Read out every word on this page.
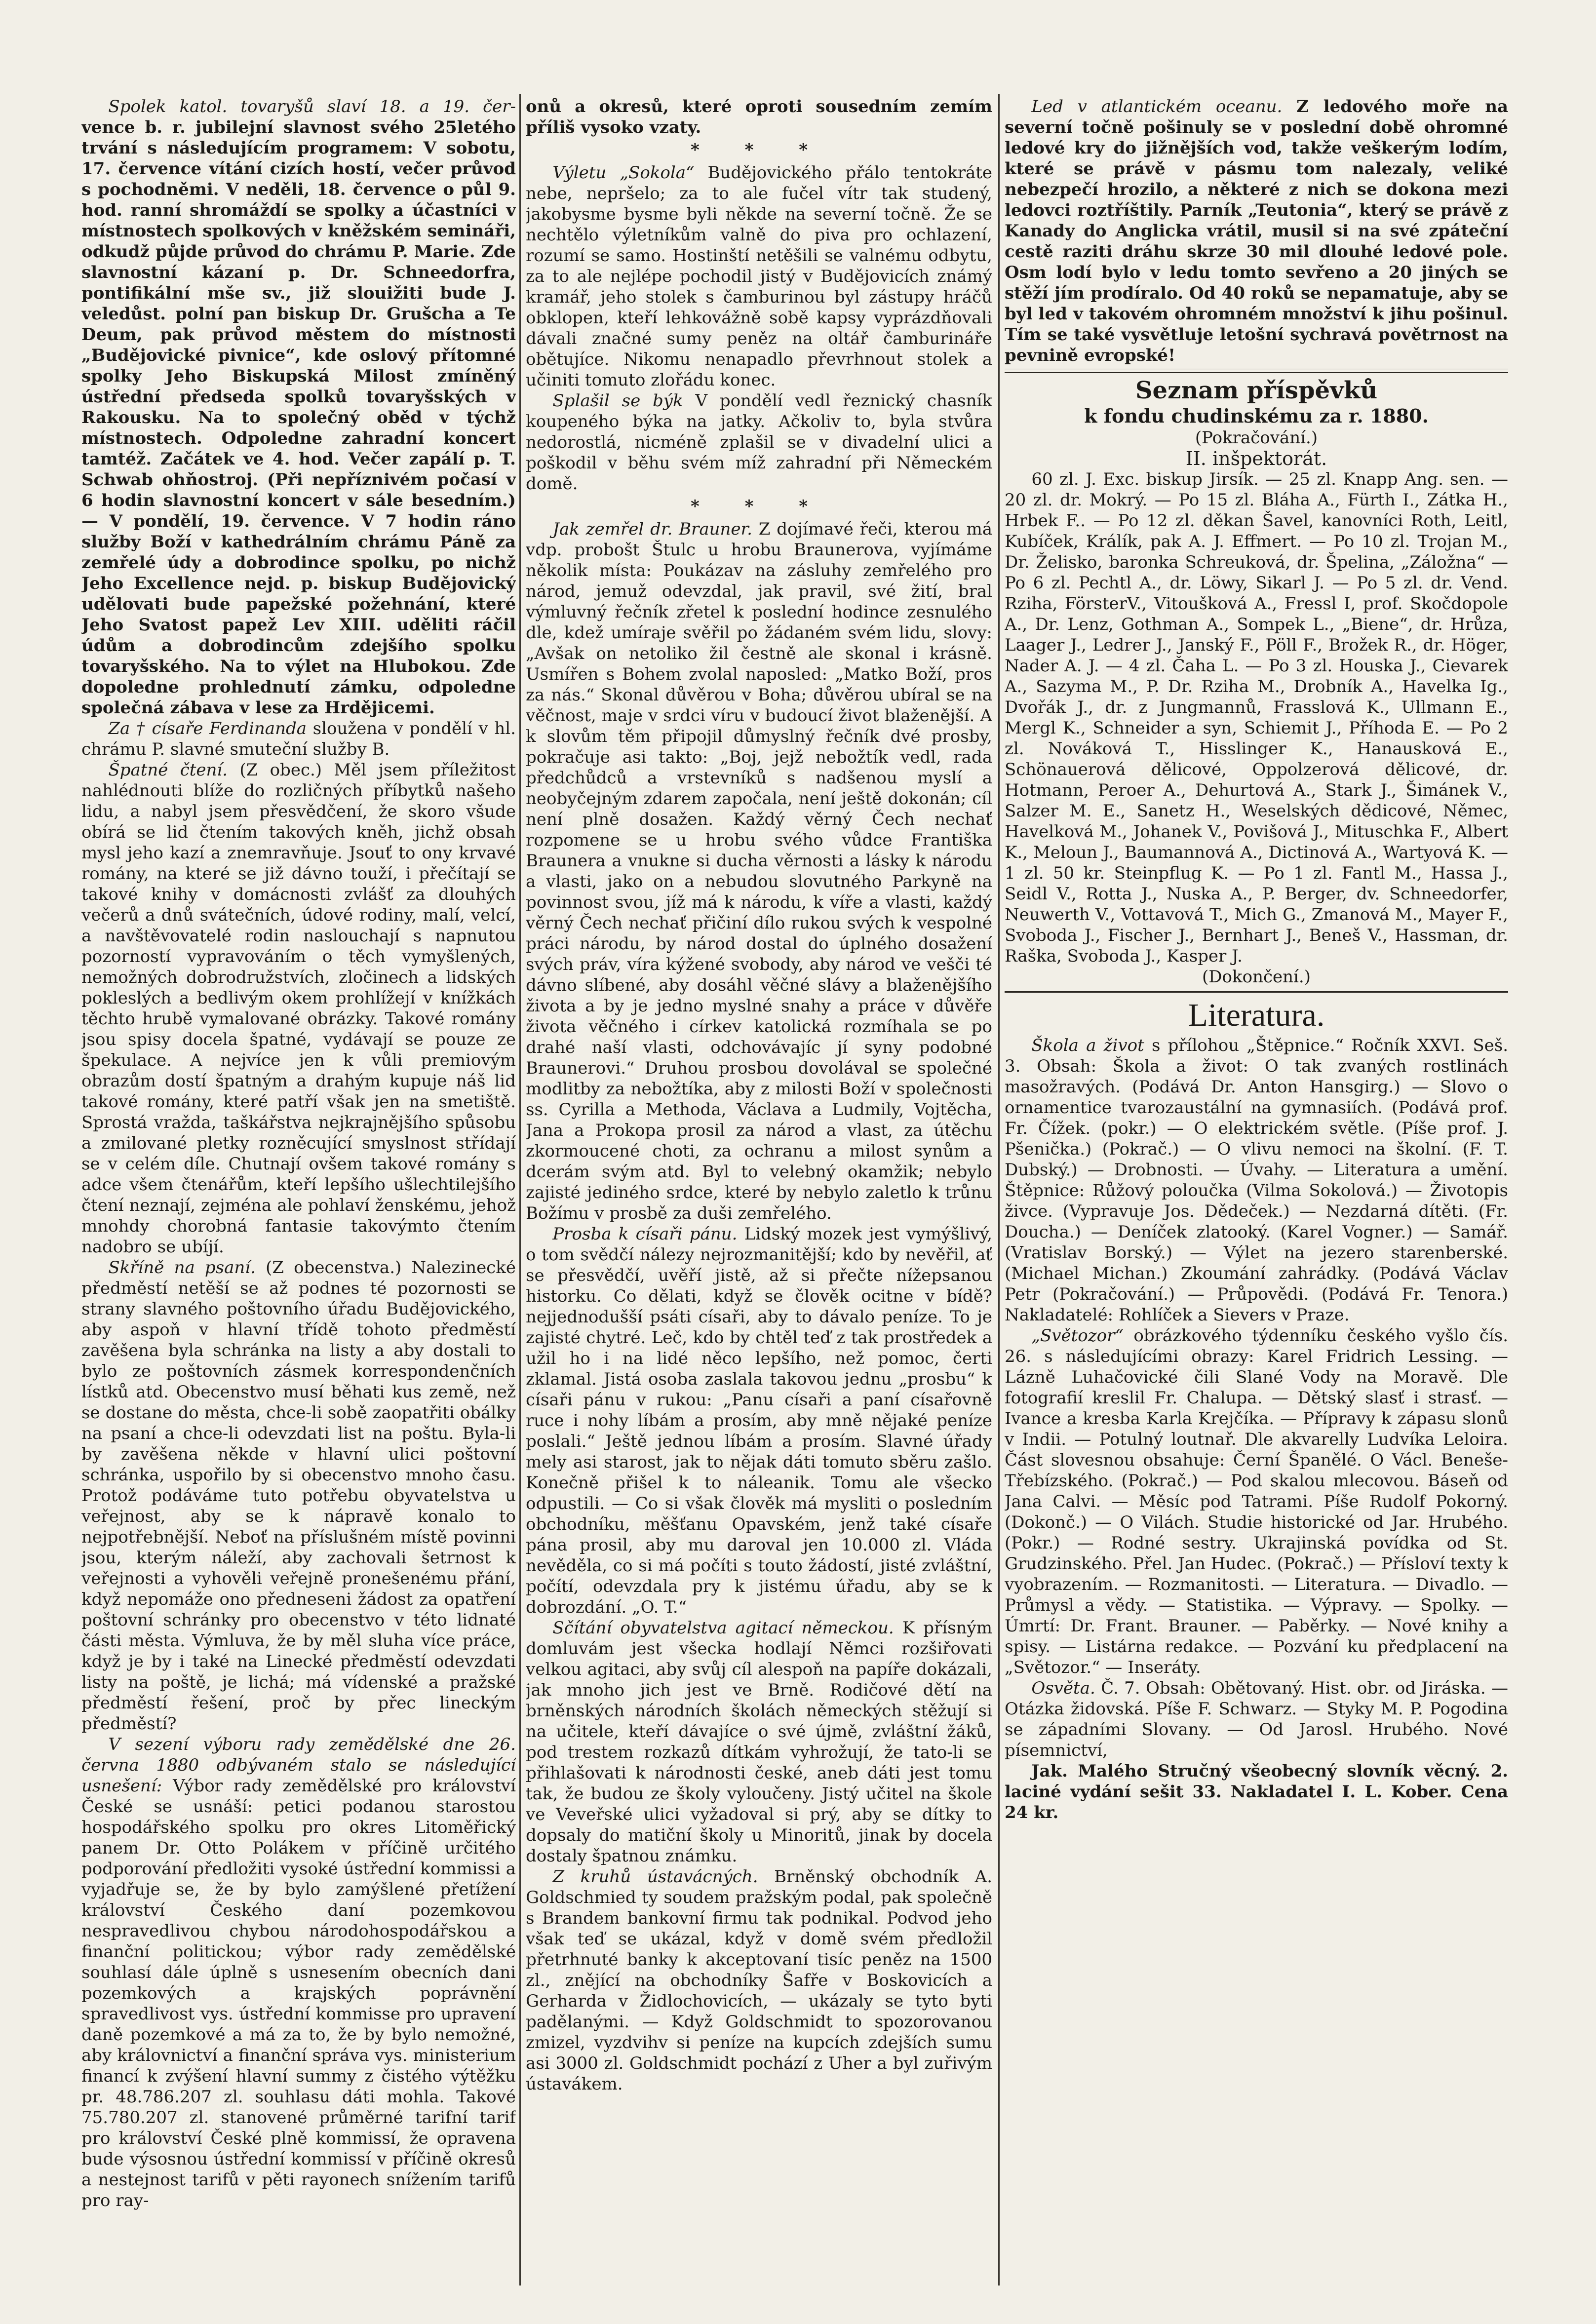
Spolek katol. tovaryšů slaví 18. a 19. čer- vence b. r. jubilejní slavnost svého 25letého trvání s následujícím programem: V sobotu, 17. července vítání cizích hostí, večer průvod s pochodněmi. V neděli, 18. července o půl 9. hod. ranní shromáždí se spolky a účastníci v místnostech spolkových v kněžském semináři, odkudž půjde průvod do chrámu P. Marie. Zde slavnostní kázaní p. Dr. Schneedorfra, pontifikální mše sv., již slouižiti bude J. veledůst. polní pan biskup Dr. Grušcha a Te Deum, pak průvod městem do místnosti „Budějovické pivnice“, kde oslový přítomné spolky Jeho Biskupská Milost zmíněný ústřední předseda spolků tovaryšských v Rakousku. Na to společný oběd v týchž místnostech. Odpoledne zahradní koncert tamtéž. Začátek ve 4. hod. Večer zapálí p. T. Schwab ohňostroj. (Při nepříznivém počasí v 6 hodin slavnostní koncert v sále besedním.) — V pondělí, 19. července. V 7 hodin ráno služby Boží v kathedrálním chrámu Páně za zemřelé údy a dobrodince spolku, po nichž Jeho Excellence nejd. p. biskup Budějovický udělovati bude papežské požehnání, které Jeho Svatost papež Lev XIII. uděliti ráčil údům a dobrodincům zdejšího spolku tovaryšského. Na to výlet na Hlubokou. Zde dopoledne prohlednutí zámku, odpoledne společná zábava v lese za Hrdějicemi.

Za † císaře Ferdinanda sloužena v pondělí v hl. chrámu P. slavné smuteční služby B.

Špatné čtení. (Z obec.) Měl jsem příležitost nahlédnouti blíže do rozličných příbytků našeho lidu, a nabyl jsem přesvědčení, že skoro všude obírá se lid čtením takových kněh, jichž obsah mysl jeho kazí a znemravňuje. Jsouť to ony krvavé romány, na které se již dávno touží, i přečítají se takové knihy v domácnosti zvlášť za dlouhých večerů a dnů svátečních, údové rodiny, malí, velcí, a navštěvovatelé rodin naslouchají s napnutou pozorností vypravováním o těch vymyšlených, nemožných dobrodružstvích, zločinech a lidských pokleslých a bedlivým okem prohlížejí v knížkách těchto hrubě vymalované obrázky. Takové romány jsou spisy docela špatné, vydávají se pouze ze špekulace. A nejvíce jen k vůli premiovým obrazům dostí špatným a drahým kupuje náš lid takové romány, které patří však jen na smetiště. Sprostá vražda, taškářstva nejkrajnějšího spůsobu a zmilované pletky rozněcující smyslnost střídají se v celém díle. Chutnají ovšem takové romány s adce všem čtenářům, kteří lepšího ušlechtilejšího čtení neznají, zejména ale pohlaví ženskému, jehož mnohdy chorobná fantasie takovýmto čtením nadobro se ubíjí.

Skříně na psaní. (Z obecenstva.) Nalezinecké předměstí netěší se až podnes té pozornosti se strany slavného poštovního úřadu Budějovického, aby aspoň v hlavní třídě tohoto předměstí zavěšena byla schránka na listy a aby dostali to bylo ze poštovních zásmek korrespondenčních lístků atd. Obecenstvo musí běhati kus země, než se dostane do města, chce-li sobě zaopatřiti obálky na psaní a chce-li odevzdati list na poštu. Byla-li by zavěšena někde v hlavní ulici poštovní schránka, uspořilo by si obecenstvo mnoho času. Protož podáváme tuto potřebu obyvatelstva u veřejnost, aby se k nápravě konalo to nejpotřebnější. Neboť na příslušném místě povinni jsou, kterým náleží, aby zachovali šetrnost k veřejnosti a vyhověli veřejně pronešenému přání, když nepomáže ono předneseni žádost za opatření poštovní schránky pro obecenstvo v této lidnaté části města. Výmluva, že by měl sluha více práce, když je by i také na Linecké předměstí odevzdati listy na poště, je lichá; má vídenské a pražské předměstí řešení, proč by přec lineckým předměstí?

V sezení výboru rady zemědělské dne 26. června 1880 odbývaném stalo se následující usnešení: Výbor rady zemědělské pro království České se usnáší: petici podanou starostou hospodářského spolku pro okres Litoměřický panem Dr. Otto Polákem v příčině určitého podporování předložiti vysoké ústřední kommissi a vyjadřuje se, že by bylo zamýšlené přetížení království Českého daní pozemkovou nespravedlivou chybou národohospodářskou a finanční politickou; výbor rady zemědělské souhlasí dále úplně s usnesením obecních dani pozemkových a krajských poprávnění spravedlivost vys. ústřední kommisse pro upravení daně pozemkové a má za to, že by bylo nemožné, aby královnictví a finanční správa vys. ministerium financí k zvýšení hlavní summy z čistého výtěžku pr. 48.786.207 zl. souhlasu dáti mohla. Takové 75.780.207 zl. stanovené průměrné tarifní tarif pro království České plně kommissí, že opravena bude výsosnou ústřední kommissí v příčině okresů a nestejnost tarifů v pěti rayonech snížením tarifů pro ray-

onů a okresů, které oproti sousedním zemím příliš vysoko vzaty.

* * *

Výletu „Sokola“ Budějovického přálo tentokráte nebe, nepršelo; za to ale fučel vítr tak studený, jakobysme bysme byli někde na severní točně. Že se nechtělo výletníkům valně do piva pro ochlazení, rozumí se samo. Hostinští netěšili se valnému odbytu, za to ale nejlépe pochodil jistý v Budějovicích známý kramář, jeho stolek s čamburinou byl zástupy hráčů obklopen, kteří lehkovážně sobě kapsy vyprázdňovali dávali značné sumy peněz na oltář čamburináře obětujíce. Nikomu nenapadlo převrhnout stolek a učiniti tomuto zlořádu konec.

Splašil se býk V pondělí vedl řeznický chasník koupeného býka na jatky. Ačkoliv to, byla stvůra nedorostlá, nicméně zplašil se v divadelní ulici a poškodil v běhu svém míž zahradní při Německém domě.

* * *

Jak zemřel dr. Brauner. Z dojímavé řeči, kterou má vdp. probošt Štulc u hrobu Braunerova, vyjímáme několik místa: Poukázav na zásluhy zemřelého pro národ, jemuž odevzdal, jak pravil, své žití, bral výmluvný řečník zřetel k poslední hodince zesnulého dle, kdež umíraje svěřil po žádaném svém lidu, slovy: „Avšak on netoliko žil čestně ale skonal i krásně. Usmířen s Bohem zvolal naposled: „Matko Boží, pros za nás.“ Skonal důvěrou v Boha; důvěrou ubíral se na věčnost, maje v srdci víru v budoucí život blaženější. A k slovům těm připojil důmyslný řečník dvé prosby, pokračuje asi takto: „Boj, jejž nebožtík vedl, rada předchůdců a vrstevníků s nadšenou myslí a neobyčejným zdarem započala, není ještě dokonán; cíl není plně dosažen. Každý věrný Čech nechať rozpomene se u hrobu svého vůdce Františka Braunera a vnukne si ducha věrnosti a lásky k národu a vlasti, jako on a nebudou slovutného Parkyně na povinnost svou, jíž má k národu, k víře a vlasti, každý věrný Čech nechať přičiní dílo rukou svých k vespolné práci národu, by národ dostal do úplného dosažení svých práv, víra kýžené svobody, aby národ ve vešči té dávno slíbené, aby dosáhl věčné slávy a blaženějšího života a by je jedno myslné snahy a práce v důvěře života věčného i církev katolická rozmíhala se po drahé naší vlasti, odchovávajíc jí syny podobné Braunerovi.“ Druhou prosbou dovolával se společné modlitby za nebožtíka, aby z milosti Boží v společnosti ss. Cyrilla a Methoda, Václava a Ludmily, Vojtěcha, Jana a Prokopa prosil za národ a vlast, za útěchu zkormoucené choti, za ochranu a milost synům a dcerám svým atd. Byl to velebný okamžik; nebylo zajisté jediného srdce, které by nebylo zaletlo k trůnu Božímu v prosbě za duši zemřelého.

Prosba k císaři pánu. Lidský mozek jest vymýšlivý, o tom svědčí nálezy nejrozmanitější; kdo by nevěřil, ať se přesvědčí, uvěří jistě, až si přečte nížepsanou historku. Co dělati, když se člověk ocitne v bídě? nejjednodušší psáti císaři, aby to dávalo peníze. To je zajisté chytré. Leč, kdo by chtěl teď z tak prostředek a užil ho i na lidé něco lepšího, než pomoc, čerti zklamal. Jistá osoba zaslala takovou jednu „prosbu“ k císaři pánu v rukou: „Panu císaři a paní císařovně ruce i nohy líbám a prosím, aby mně nějaké peníze poslali.“ Ještě jednou líbám a prosím. Slavné úřady mely asi starost, jak to nějak dáti tomuto sběru zašlo. Konečně přišel k to náleanik. Tomu ale všecko odpustili. — Co si však člověk má mysliti o posledním obchodníku, měšťanu Opavském, jenž také císaře pána prosil, aby mu daroval jen 10.000 zl. Vláda nevěděla, co si má počíti s touto žádostí, jisté zvláštní, počítí, odevzdala pry k jistému úřadu, aby se k dobrozdání. „O. T.“

Sčítání obyvatelstva agitací německou. K přísným domluvám jest všecka hodlají Němci rozšiřovati velkou agitaci, aby svůj cíl alespoň na papíře dokázali, jak mnoho jich jest ve Brně. Rodičové dětí na brněnských národních školách německých stěžují si na učitele, kteří dávajíce o své újmě, zvláštní žáků, pod trestem rozkazů dítkám vyhrožují, že tato-li se přihlašovati k národnosti české, aneb dáti jest tomu tak, že budou ze školy vyloučeny. Jistý učitel na škole ve Veveřské ulici vyžadoval si prý, aby se dítky to dopsaly do matiční školy u Minoritů, jinak by docela dostaly špatnou známku.

Z kruhů ústavácných. Brněnský obchodník A. Goldschmied ty soudem pražským podal, pak společně s Brandem bankovní firmu tak podnikal. Podvod jeho však teď se ukázal, když v domě svém předložil přetrhnuté banky k akceptovaní tisíc peněz na 1500 zl., znějící na obchodníky Šafře v Boskovicích a Gerharda v Židlochovicích, — ukázaly se tyto byti padělanými. — Když Goldschmidt to spozorovanou zmizel, vyzdvihv si peníze na kupcích zdejších sumu asi 3000 zl. Goldschmidt pochází z Uher a byl zuřivým ústavákem.

Led v atlantickém oceanu. Z ledového moře na severní točně pošinuly se v poslední době ohromné ledové kry do jižnějších vod, takže veškerým lodím, které se právě v pásmu tom nalezaly, veliké nebezpečí hrozilo, a některé z nich se dokona mezi ledovci roztříštily. Parník „Teutonia“, který se právě z Kanady do Anglicka vrátil, musil si na své zpáteční cestě raziti dráhu skrze 30 mil dlouhé ledové pole. Osm lodí bylo v ledu tomto sevřeno a 20 jiných se stěží jím prodíralo. Od 40 roků se nepamatuje, aby se byl led v takovém ohromném množství k jihu pošinul. Tím se také vysvětluje letošní sychravá povětrnost na pevnině evropské!

Seznam příspěvků

k fondu chudinskému za r. 1880.

(Pokračování.)

II. inšpektorát.

60 zl. J. Exc. biskup Jirsík. — 25 zl. Knapp Ang. sen. — 20 zl. dr. Mokrý. — Po 15 zl. Bláha A., Fürth I., Zátka H., Hrbek F.. — Po 12 zl. děkan Šavel, kanovníci Roth, Leitl, Kubíček, Králík, pak A. J. Effmert. — Po 10 zl. Trojan M., Dr. Želisko, baronka Schreuková, dr. Špelina, „Záložna“ — Po 6 zl. Pechtl A., dr. Löwy, Sikarl J. — Po 5 zl. dr. Vend. Rziha, FörsterV., Vitoušková A., Fressl I, prof. Skočdopole A., Dr. Lenz, Gothman A., Sompek L., „Biene“, dr. Hrůza, Laager J., Ledrer J., Janský F., Pöll F., Brožek R., dr. Höger, Nader A. J. — 4 zl. Čaha L. — Po 3 zl. Houska J., Cievarek A., Sazyma M., P. Dr. Rziha M., Drobník A., Havelka Ig., Dvořák J., dr. z Jungmannů, Frasslová K., Ullmann E., Mergl K., Schneider a syn, Schiemit J., Příhoda E. — Po 2 zl. Nováková T., Hisslinger K., Hanausková E., Schönauerová dělicové, Oppolzerová dělicové, dr. Hotmann, Peroer A., Dehurtová A., Stark J., Šimánek V., Salzer M. E., Sanetz H., Weselských dědicové, Němec, Havelková M., Johanek V., Povišová J., Mituschka F., Albert K., Meloun J., Baumannová A., Dictinová A., Wartyová K. — 1 zl. 50 kr. Steinpflug K. — Po 1 zl. Fantl M., Hassa J., Seidl V., Rotta J., Nuska A., P. Berger, dv. Schneedorfer, Neuwerth V., Vottavová T., Mich G., Zmanová M., Mayer F., Svoboda J., Fischer J., Bernhart J., Beneš V., Hassman, dr. Raška, Svoboda J., Kasper J.

(Dokončení.)

Literatura.

Škola a život s přílohou „Štěpnice.“ Ročník XXVI. Seš. 3. Obsah: Škola a život: O tak zvaných rostlinách masožravých. (Podává Dr. Anton Hansgirg.) — Slovo o ornamentice tvarozaustální na gymnasiích. (Podává prof. Fr. Čížek. (pokr.) — O elektrickém světle. (Píše prof. J. Pšenička.) (Pokrač.) — O vlivu nemoci na školní. (F. T. Dubský.) — Drobnosti. — Úvahy. — Literatura a umění. Štěpnice: Růžový poloučka (Vilma Sokolová.) — Životopis živce. (Vypravuje Jos. Dědeček.) — Nezdarná dítěti. (Fr. Doucha.) — Deníček zlatooký. (Karel Vogner.) — Samář. (Vratislav Borský.) — Výlet na jezero starenberské. (Michael Michan.) Zkoumání zahrádky. (Podává Václav Petr (Pokračování.) — Průpovědi. (Podává Fr. Tenora.) Nakladatelé: Rohlíček a Sievers v Praze.

„Světozor“ obrázkového týdenníku českého vyšlo čís. 26. s následujícími obrazy: Karel Fridrich Lessing. — Lázně Luhačovické čili Slané Vody na Moravě. Dle fotografií kreslil Fr. Chalupa. — Dětský slasť i strasť. — Ivance a kresba Karla Krejčíka. — Přípravy k zápasu slonů v Indii. — Potulný loutnař. Dle akvarelly Ludvíka Leloira. Část slovesnou obsahuje: Černí Španělé. O Václ. Beneše-Třebízského. (Pokrač.) — Pod skalou mlecovou. Báseň od Jana Calvi. — Měsíc pod Tatrami. Píše Rudolf Pokorný. (Dokonč.) — O Vilách. Studie historické od Jar. Hrubého. (Pokr.) — Rodné sestry. Ukrajinská povídka od St. Grudzinského. Přel. Jan Hudec. (Pokrač.) — Přísloví texty k vyobrazením. — Rozmanitosti. — Literatura. — Divadlo. — Průmysl a vědy. — Statistika. — Výpravy. — Spolky. — Úmrtí: Dr. Frant. Brauner. — Paběrky. — Nové knihy a spisy. — Listárna redakce. — Pozvání ku předplacení na „Světozor.“ — Inseráty.

Osvěta. Č. 7. Obsah: Obětovaný. Hist. obr. od Jiráska. — Otázka židovská. Píše F. Schwarz. — Styky M. P. Pogodina se západními Slovany. — Od Jarosl. Hrubého. Nové písemnictví,

Jak. Malého Stručný všeobecný slovník věcný. 2. laciné vydání sešit 33. Nakladatel I. L. Kober. Cena 24 kr.
